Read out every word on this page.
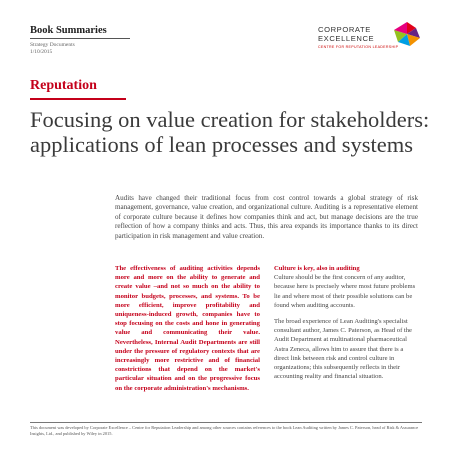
Book Summaries
Strategy Documents
1/10/2015
CORPORATE
EXCELLENCE
CENTRE FOR REPUTATION LEADERSHIP
Reputation
Focusing on value creation for stakeholders: applications of lean processes and systems
Audits have changed their traditional focus from cost control towards a global strategy of risk management, governance, value creation, and organizational culture. Auditing is a representative element of corporate culture because it defines how companies think and act, but manage decisions are the true reflection of how a company thinks and acts. Thus, this area expands its importance thanks to its direct participation in risk management and value creation.
The effectiveness of auditing activities depends more and more on the ability to generate and create value –and not so much on the ability to monitor budgets, processes, and systems. To be more efficient, improve profitability and uniqueness-induced growth, companies have to stop focusing on the costs and hone in generating value and communicating their value. Nevertheless, Internal Audit Departments are still under the pressure of regulatory contexts that are increasingly more restrictive and of financial constrictions that depend on the market's particular situation and on the progressive focus on the corporate administration's mechanisms.
Culture is key, also in auditing

Culture should be the first concern of any auditor, because here is precisely where most future problems lie and where most of their possible solutions can be found when auditing accounts.

The broad experience of Lean Auditing's specialist consultant author, James C. Paterson, as Head of the Audit Department at multinational pharmaceutical Astra Zeneca, allows him to assure that there is a direct link between risk and control culture in organizations; this subsequently reflects in their accounting reality and financial situation.

This document was developed by Corporate Excellence – Centre for Reputation Leadership and among other sources contains references to the book Lean Auditing written by James C. Paterson, head of Risk & Assurance Insights, Ltd., and published by Wiley in 2015.
